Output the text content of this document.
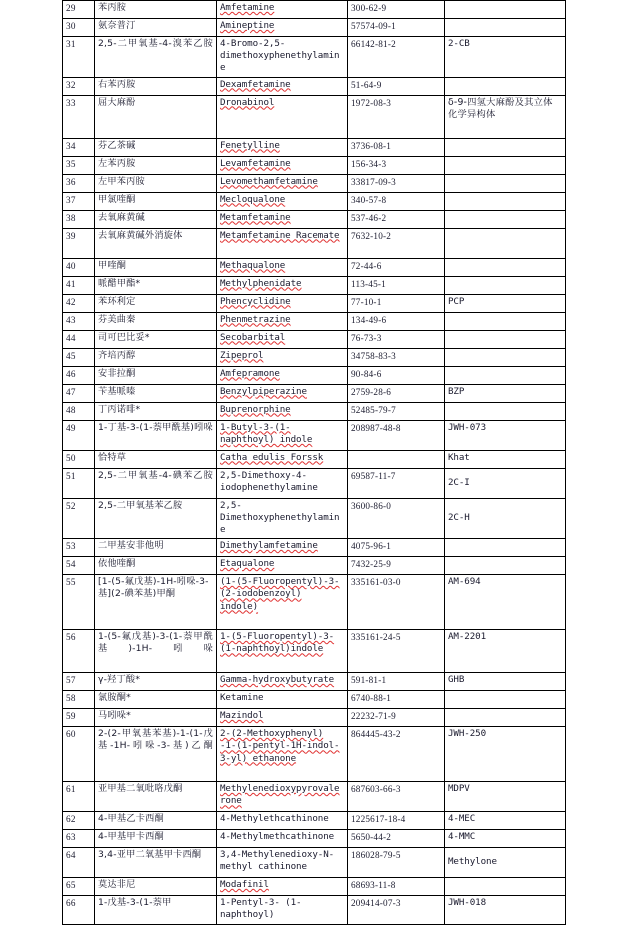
29	苯丙胺	Amfetamine	300-62-9	
30	氨奈普汀	Amineptine	57574-09-1	
31	2,5-二甲氧基-4-溴苯乙胺	4-Bromo-2,5-dimethoxyphenethylamine	66142-81-2	2-CB
32	右苯丙胺	Dexamfetamine	51-64-9	
33	屈大麻酚	Dronabinol	1972-08-3	δ-9-四氢大麻酚及其立体化学异构体
34	芬乙茶碱	Fenetylline	3736-08-1	
35	左苯丙胺	Levamfetamine	156-34-3	
36	左甲苯丙胺	Levomethamfetamine	33817-09-3	
37	甲氯喹酮	Mecloqualone	340-57-8	
38	去氧麻黄碱	Metamfetamine	537-46-2	
39	去氧麻黄碱外消旋体	Metamfetamine Racemate	7632-10-2	
40	甲喹酮	Methaqualone	72-44-6	
41	哌醋甲酯*	Methylphenidate	113-45-1	
42	苯环利定	Phencyclidine	77-10-1	PCP
43	芬美曲秦	Phenmetrazine	134-49-6	
44	司可巴比妥*	Secobarbital	76-73-3	
45	齐培丙醇	Zipeprol	34758-83-3	
46	安非拉酮	Amfepramone	90-84-6	
47	苄基哌嗪	Benzylpiperazine	2759-28-6	BZP
48	丁丙诺啡*	Buprenorphine	52485-79-7	
49	1-丁基-3-(1-萘甲酰基)吲哚	1-Butyl-3-(1-naphthoyl) indole	208987-48-8	JWH-073
50	恰特草	Catha edulis Forssk		Khat
51	2,5-二甲氧基-4-碘苯乙胺	2,5-Dimethoxy-4-iodophenethylamine	69587-11-7	2C-I
52	2,5-二甲氧基苯乙胺	2,5-Dimethoxyphenethylamine	3600-86-0	2C-H
53	二甲基安非他明	Dimethylamfetamine	4075-96-1	
54	依他喹酮	Etaqualone	7432-25-9	
55	[1-(5-氟戊基)-1H-吲哚-3-基](2-碘苯基)甲酮	(1-(5-Fluoropentyl)-3-(2-iodobenzoyl) indole)	335161-03-0	AM-694
56	1-(5-氟戊基)-3-(1-萘甲酰基)-1H-吲哚	1-(5-Fluoropentyl)-3-(1-naphthoyl)indole	335161-24-5	AM-2201
57	γ-羟丁酸*	Gamma-hydroxybutyrate	591-81-1	GHB
58	氯胺酮*	Ketamine	6740-88-1	
59	马吲哚*	Mazindol	22232-71-9	
60	2-(2-甲氧基苯基)-1-(1-戊基-1H-吲哚-3-基)乙酮	2-(2-Methoxyphenyl) -1-(1-pentyl-1H-indol-3-yl) ethanone	864445-43-2	JWH-250
61	亚甲基二氧吡咯戊酮	Methylenedioxypyrovalerone	687603-66-3	MDPV
62	4-甲基乙卡西酮	4-Methylethcathinone	1225617-18-4	4-MEC
63	4-甲基甲卡西酮	4-Methylmethcathinone	5650-44-2	4-MMC
64	3,4-亚甲二氧基甲卡西酮	3,4-Methylenedioxy-N-methyl cathinone	186028-79-5	Methylone
65	莫达非尼	Modafinil	68693-11-8	
66	1-戊基-3-(1-萘甲	1-Pentyl-3- (1-naphthoyl)	209414-07-3	JWH-018
